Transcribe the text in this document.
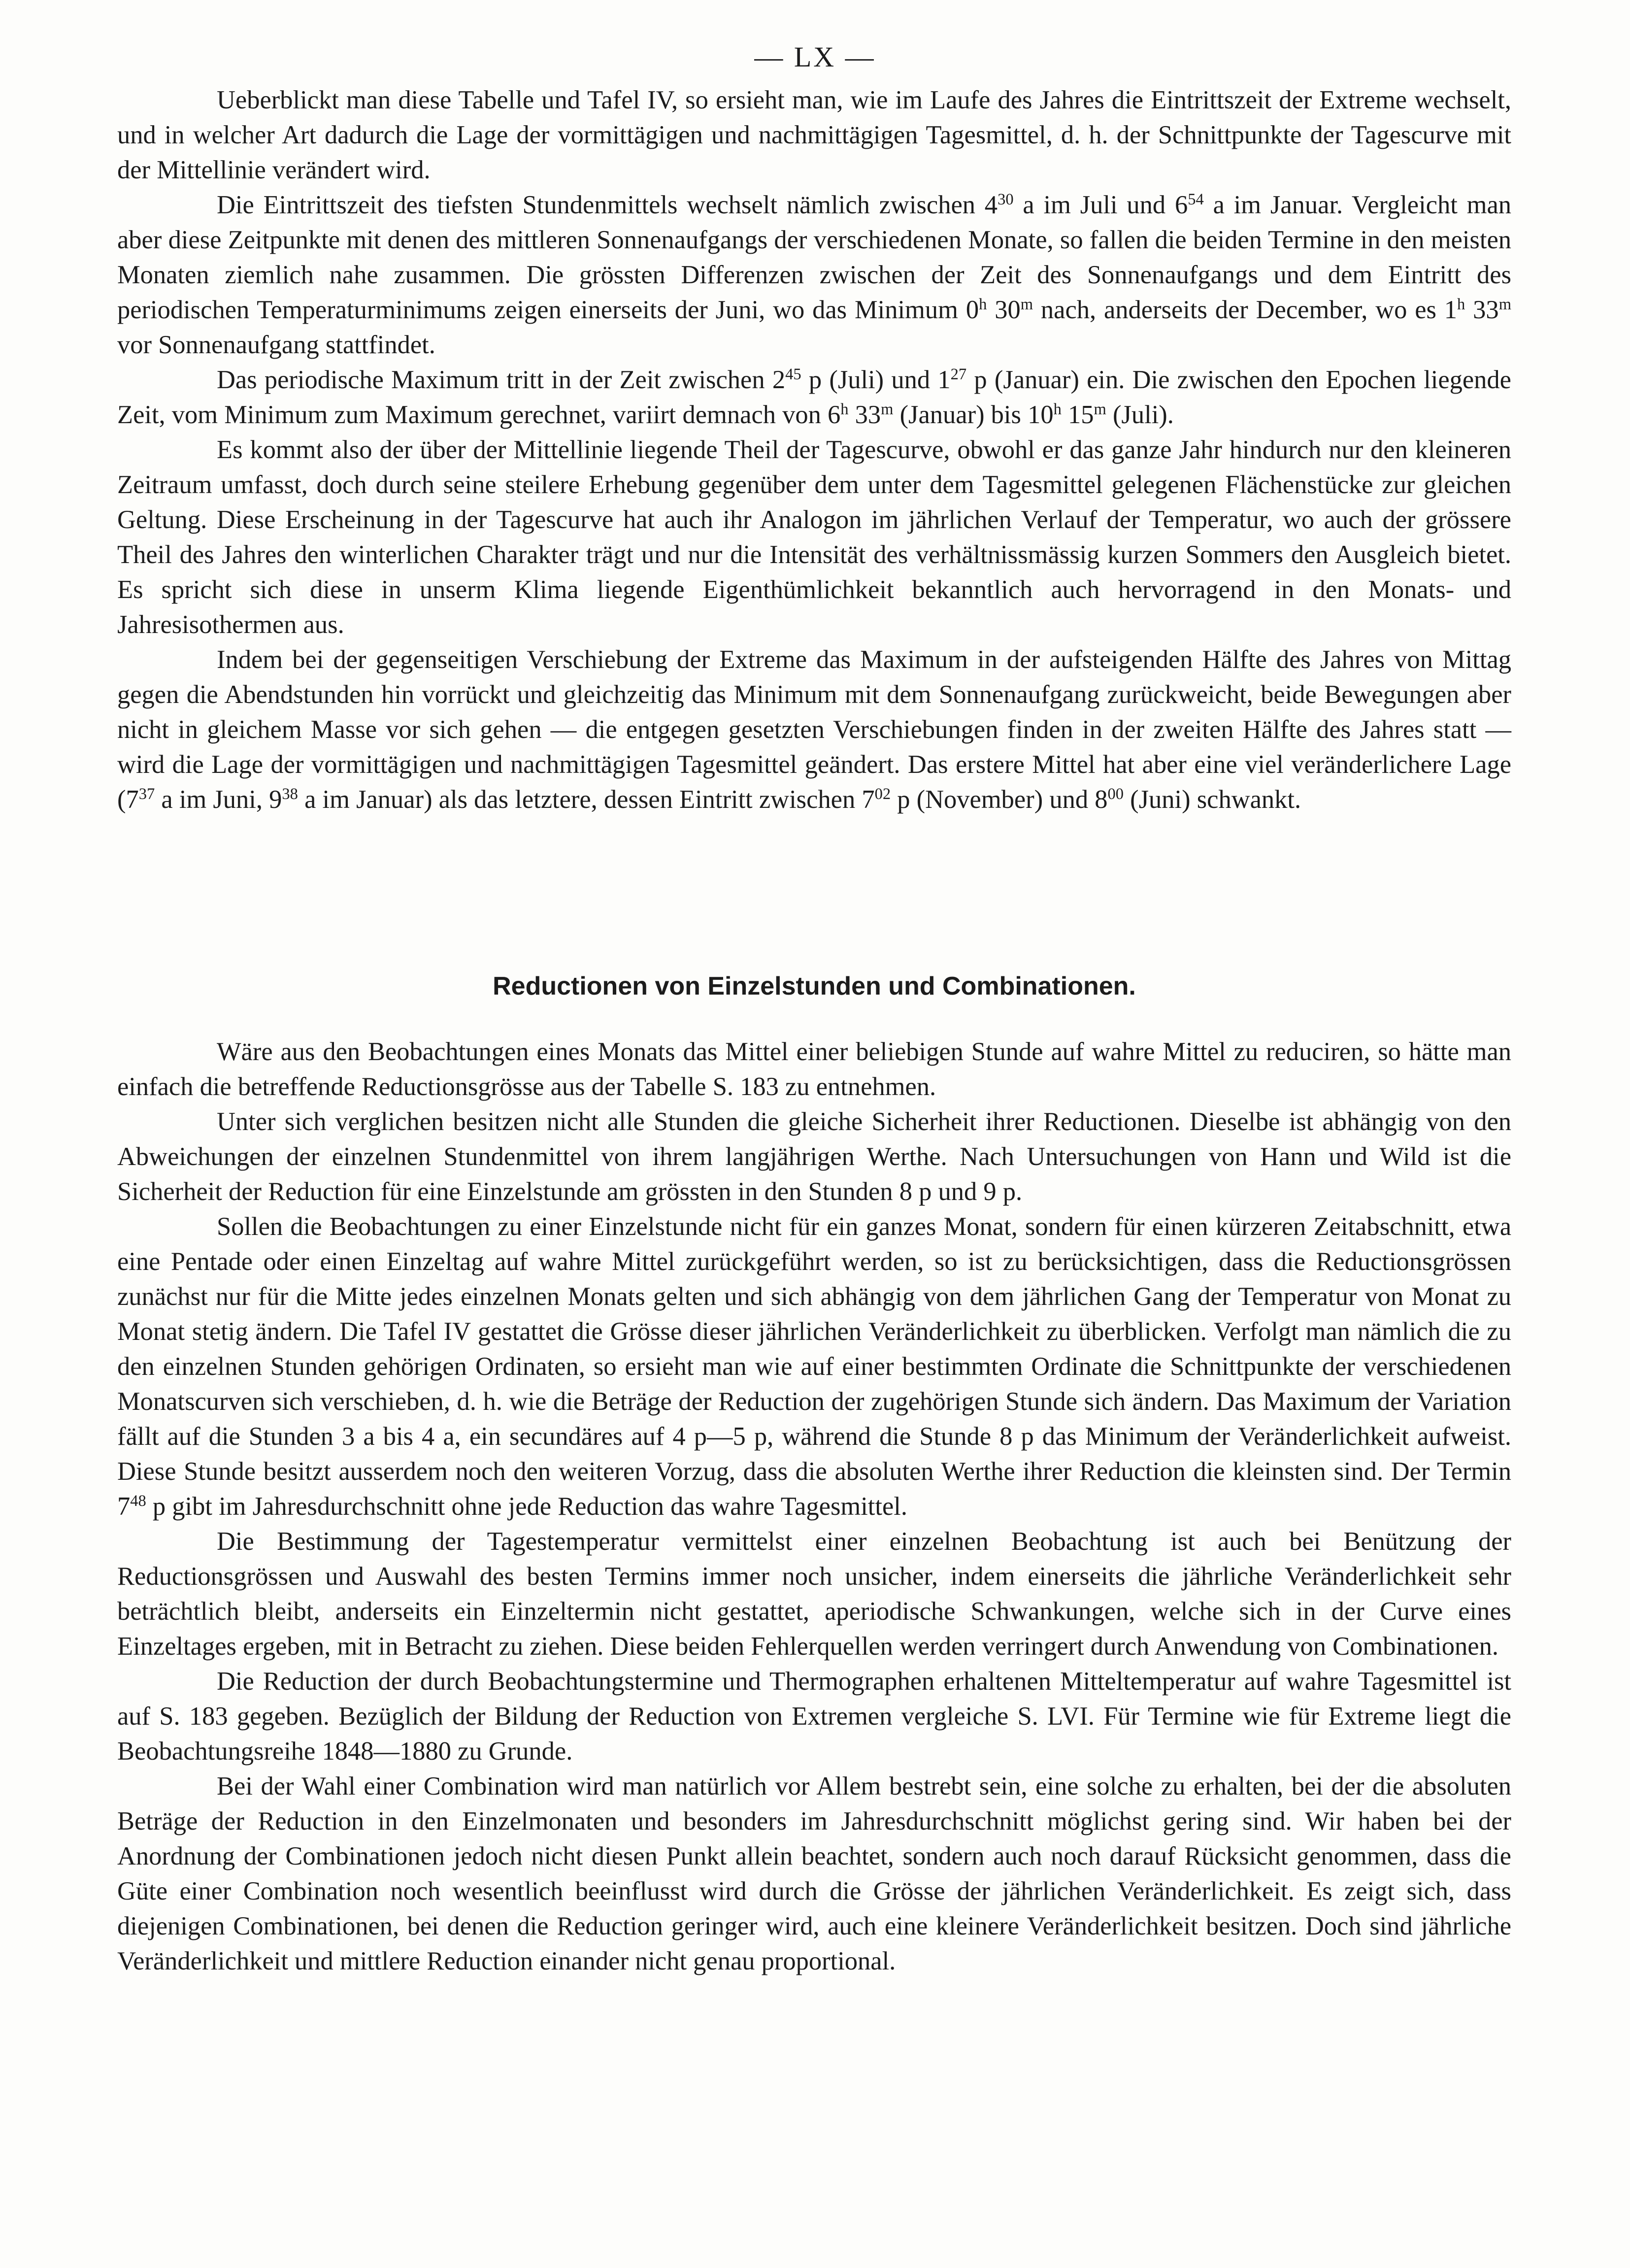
— LX —

Ueberblickt man diese Tabelle und Tafel IV, so ersieht man, wie im Laufe des Jahres die Eintrittszeit der Extreme wechselt, und in welcher Art dadurch die Lage der vormittägigen und nachmittägigen Tagesmittel, d. h. der Schnittpunkte der Tagescurve mit der Mittellinie verändert wird.

Die Eintrittszeit des tiefsten Stundenmittels wechselt nämlich zwischen $4^{30}$ a im Juli und $6^{54}$ a im Januar. Vergleicht man aber diese Zeitpunkte mit denen des mittleren Sonnenaufgangs der verschiedenen Monate, so fallen die beiden Termine in den meisten Monaten ziemlich nahe zusammen. Die grössten Differenzen zwischen der Zeit des Sonnenaufgangs und dem Eintritt des periodischen Temperaturminimums zeigen einerseits der Juni, wo das Minimum 0$^h$ 30$^m$ nach, anderseits der December, wo es 1$^h$ 33$^m$ vor Sonnenaufgang stattfindet.

Das periodische Maximum tritt in der Zeit zwischen $2^{45}$ p (Juli) und $1^{27}$ p (Januar) ein. Die zwischen den Epochen liegende Zeit, vom Minimum zum Maximum gerechnet, variirt demnach von 6$^h$ 33$^m$ (Januar) bis 10$^h$ 15$^m$ (Juli).

Es kommt also der über der Mittellinie liegende Theil der Tagescurve, obwohl er das ganze Jahr hindurch nur den kleineren Zeitraum umfasst, doch durch seine steilere Erhebung gegenüber dem unter dem Tagesmittel gelegenen Flächenstücke zur gleichen Geltung. Diese Erscheinung in der Tagescurve hat auch ihr Analogon im jährlichen Verlauf der Temperatur, wo auch der grössere Theil des Jahres den winterlichen Charakter trägt und nur die Intensität des verhältnissmässig kurzen Sommers den Ausgleich bietet. Es spricht sich diese in unserm Klima liegende Eigenthümlichkeit bekanntlich auch hervorragend in den Monats- und Jahresisothermen aus.

Indem bei der gegenseitigen Verschiebung der Extreme das Maximum in der aufsteigenden Hälfte des Jahres von Mittag gegen die Abendstunden hin vorrückt und gleichzeitig das Minimum mit dem Sonnenaufgang zurückweicht, beide Bewegungen aber nicht in gleichem Masse vor sich gehen — die entgegen gesetzten Verschiebungen finden in der zweiten Hälfte des Jahres statt — wird die Lage der vormittägigen und nachmittägigen Tagesmittel geändert. Das erstere Mittel hat aber eine viel veränderlichere Lage ($7^{37}$ a im Juni, $9^{38}$ a im Januar) als das letztere, dessen Eintritt zwischen $7^{02}$ p (November) und $8^{00}$ (Juni) schwankt.

Reductionen von Einzelstunden und Combinationen.

Wäre aus den Beobachtungen eines Monats das Mittel einer beliebigen Stunde auf wahre Mittel zu reduciren, so hätte man einfach die betreffende Reductionsgrösse aus der Tabelle S. 183 zu entnehmen.

Unter sich verglichen besitzen nicht alle Stunden die gleiche Sicherheit ihrer Reductionen. Dieselbe ist abhängig von den Abweichungen der einzelnen Stundenmittel von ihrem langjährigen Werthe. Nach Untersuchungen von Hann und Wild ist die Sicherheit der Reduction für eine Einzelstunde am grössten in den Stunden 8 p und 9 p.

Sollen die Beobachtungen zu einer Einzelstunde nicht für ein ganzes Monat, sondern für einen kürzeren Zeitabschnitt, etwa eine Pentade oder einen Einzeltag auf wahre Mittel zurückgeführt werden, so ist zu berücksichtigen, dass die Reductionsgrössen zunächst nur für die Mitte jedes einzelnen Monats gelten und sich abhängig von dem jährlichen Gang der Temperatur von Monat zu Monat stetig ändern. Die Tafel IV gestattet die Grösse dieser jährlichen Veränderlichkeit zu überblicken. Verfolgt man nämlich die zu den einzelnen Stunden gehörigen Ordinaten, so ersieht man wie auf einer bestimmten Ordinate die Schnittpunkte der verschiedenen Monatscurven sich verschieben, d. h. wie die Beträge der Reduction der zugehörigen Stunde sich ändern. Das Maximum der Variation fällt auf die Stunden 3 a bis 4 a, ein secundäres auf 4 p—5 p, während die Stunde 8 p das Minimum der Veränderlichkeit aufweist. Diese Stunde besitzt ausserdem noch den weiteren Vorzug, dass die absoluten Werthe ihrer Reduction die kleinsten sind. Der Termin $7^{48}$ p gibt im Jahresdurchschnitt ohne jede Reduction das wahre Tagesmittel.

Die Bestimmung der Tagestemperatur vermittelst einer einzelnen Beobachtung ist auch bei Benützung der Reductionsgrössen und Auswahl des besten Termins immer noch unsicher, indem einerseits die jährliche Veränderlichkeit sehr beträchtlich bleibt, anderseits ein Einzeltermin nicht gestattet, aperiodische Schwankungen, welche sich in der Curve eines Einzeltages ergeben, mit in Betracht zu ziehen. Diese beiden Fehlerquellen werden verringert durch Anwendung von Combinationen.

Die Reduction der durch Beobachtungstermine und Thermographen erhaltenen Mitteltemperatur auf wahre Tagesmittel ist auf S. 183 gegeben. Bezüglich der Bildung der Reduction von Extremen vergleiche S. LVI. Für Termine wie für Extreme liegt die Beobachtungsreihe 1848—1880 zu Grunde.

Bei der Wahl einer Combination wird man natürlich vor Allem bestrebt sein, eine solche zu erhalten, bei der die absoluten Beträge der Reduction in den Einzelmonaten und besonders im Jahresdurchschnitt möglichst gering sind. Wir haben bei der Anordnung der Combinationen jedoch nicht diesen Punkt allein beachtet, sondern auch noch darauf Rücksicht genommen, dass die Güte einer Combination noch wesentlich beeinflusst wird durch die Grösse der jährlichen Veränderlichkeit. Es zeigt sich, dass diejenigen Combinationen, bei denen die Reduction geringer wird, auch eine kleinere Veränderlichkeit besitzen. Doch sind jährliche Veränderlichkeit und mittlere Reduction einander nicht genau proportional.
